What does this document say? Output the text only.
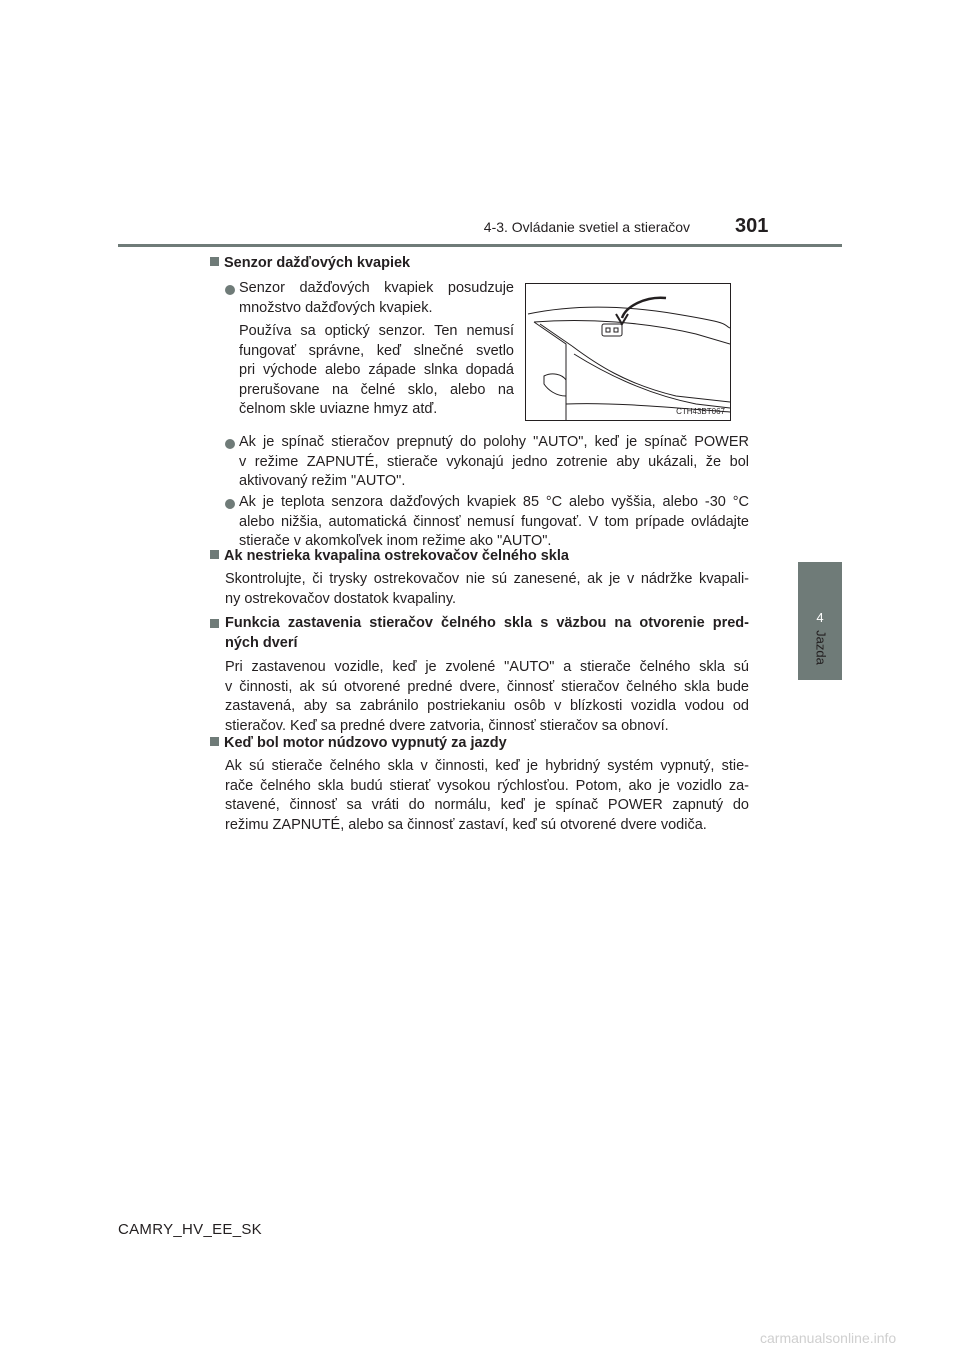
4-3. Ovládanie svetiel a stieračov 301
4
Jazda
Senzor dažďových kvapiek
Senzor dažďových kvapiek posudzuje
množstvo dažďových kvapiek.
Používa sa optický senzor. Ten nemusí
fungovať správne, keď slnečné svetlo
pri východe alebo západe slnka dopadá
prerušovane na čelné sklo, alebo na
čelnom skle uviazne hmyz atď.
Ak je spínač stieračov prepnutý do polohy "AUTO", keď je spínač POWER
v režime ZAPNUTÉ, stierače vykonajú jedno zotrenie aby ukázali, že bol
aktivovaný režim "AUTO".
Ak je teplota senzora dažďových kvapiek 85 °C alebo vyššia, alebo -30 °C
alebo nižšia, automatická činnosť nemusí fungovať. V tom prípade ovládajte
stierače v akomkoľvek inom režime ako "AUTO".
Ak nestrieka kvapalina ostrekovačov čelného skla
Skontrolujte, či trysky ostrekovačov nie sú zanesené, ak je v nádržke kvapali-
ny ostrekovačov dostatok kvapaliny.
Funkcia zastavenia stieračov čelného skla s väzbou na otvorenie pred-
ných dverí
Pri zastavenou vozidle, keď je zvolené "AUTO" a stierače čelného skla sú
v činnosti, ak sú otvorené predné dvere, činnosť stieračov čelného skla bude
zastavená, aby sa zabránilo postriekaniu osôb v blízkosti vozidla vodou od
stieračov. Keď sa predné dvere zatvoria, činnosť stieračov sa obnoví.
Keď bol motor núdzovo vypnutý za jazdy
Ak sú stierače čelného skla v činnosti, keď je hybridný systém vypnutý, stie-
rače čelného skla budú stierať vysokou rýchlosťou. Potom, ako je vozidlo za-
stavené, činnosť sa vráti do normálu, keď je spínač POWER zapnutý do
režimu ZAPNUTÉ, alebo sa činnosť zastaví, keď sú otvorené dvere vodiča.
CTH43BT067
CAMRY_HV_EE_SK
carmanualsonline.info
